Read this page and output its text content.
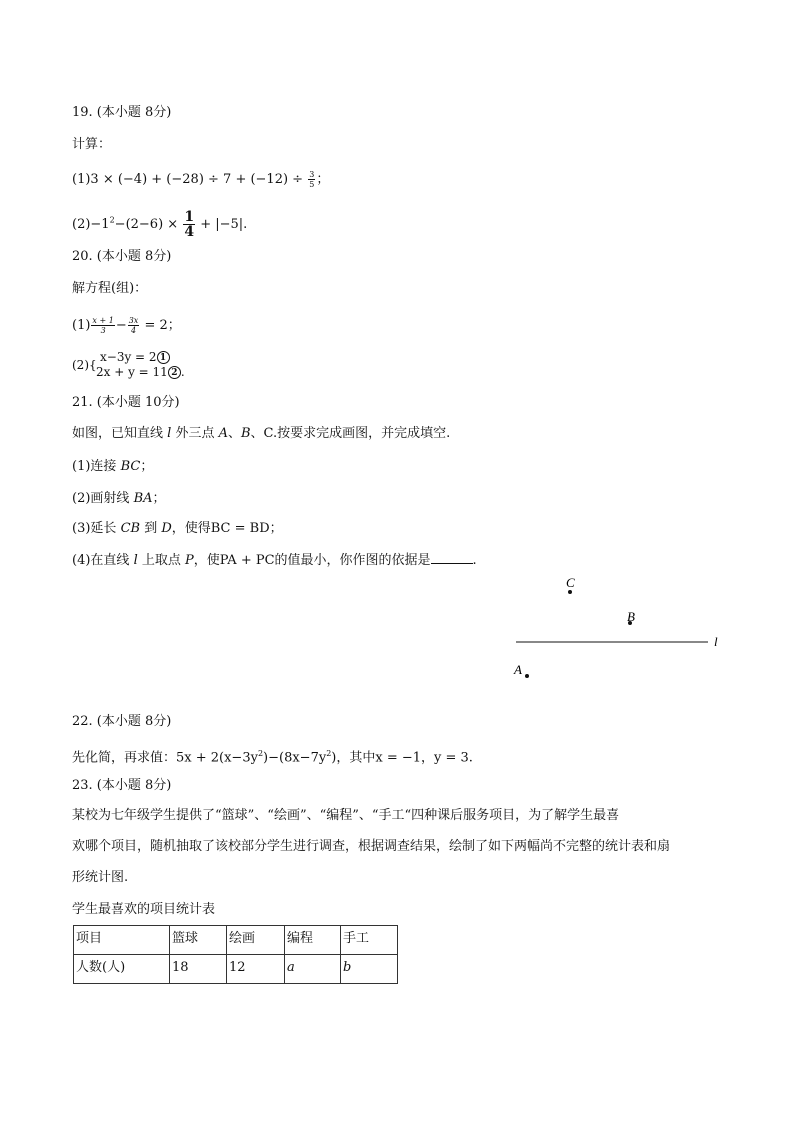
19. (本小题 8分)
计算：
$(1)3 \times (-4) + (-28) \div 7 + (-12) \div \frac{3}{5}$ ；
$(2)-1^2-(2-6) \times \frac{1}{4} + |-5|$.
20. (本小题 8分)
解方程(组)：
$(1) \frac{x + 1}{3} - \frac{3x}{4} = 2$；
(2){
x−3y = 2 1
2x + y = 11 2 .
21. (本小题 10分)
如图，已知直线 l 外三点 A、B、C.按要求完成画图，并完成填空.
(1)连接 BC；
(2)画射线 BA；
(3)延长 CB 到 D，使得BC = BD；
(4)在直线 l 上取点 P，使PA + PC的值最小，你作图的依据是	.
C
B
A
l
22. (本小题 8分)
先化简，再求值：$5x + 2(x-3y^2)-(8x-7y^2)$，其中x = −1，y = 3.
23. (本小题 8分)
某校为七年级学生提供了“篮球”、“绘画”、“编程”、“手工“四种课后服务项目，为了解学生最喜
欢哪个项目，随机抽取了该校部分学生进行调查，根据调查结果，绘制了如下两幅尚不完整的统计表和扇
形统计图.
学生最喜欢的项目统计表
项目	篮球	绘画	编程	手工
人数(人)	18	12	a	b
